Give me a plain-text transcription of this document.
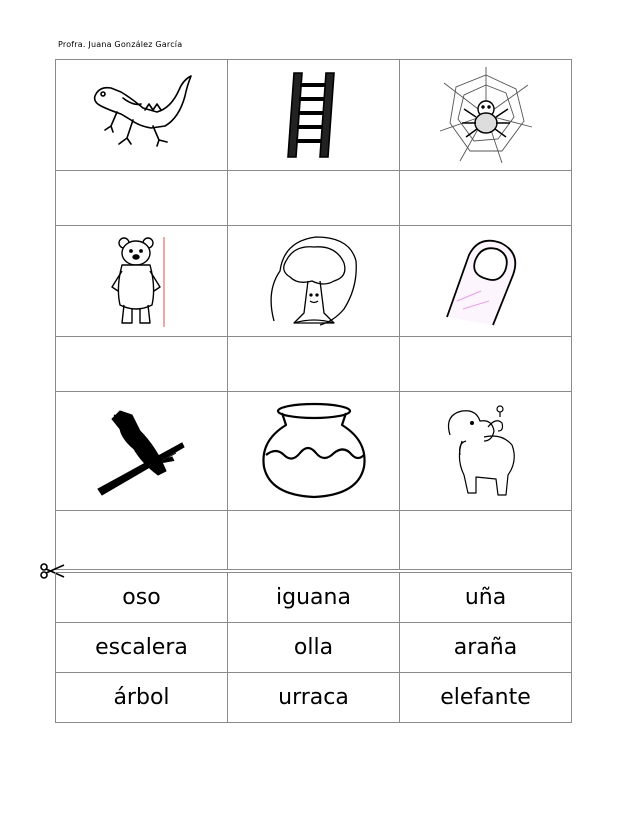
Profra. Juana González García

oso	iguana	uña
escalera	olla	araña
árbol	urraca	elefante
